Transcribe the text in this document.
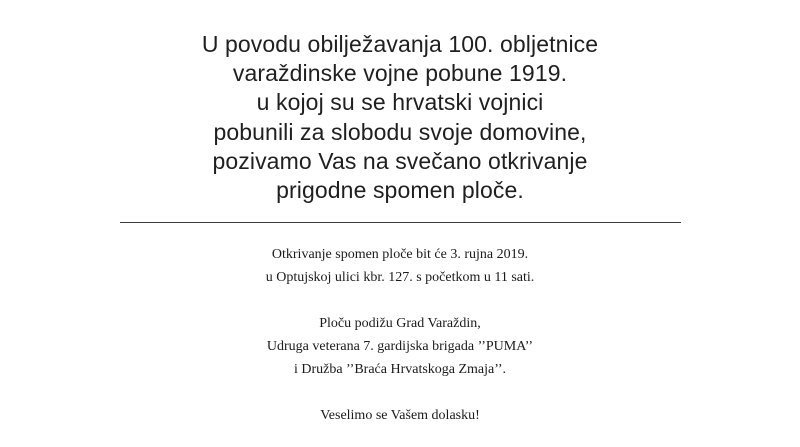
U povodu obilježavanja 100. obljetnice
varaždinske vojne pobune 1919.
u kojoj su se hrvatski vojnici
pobunili za slobodu svoje domovine,
pozivamo Vas na svečano otkrivanje
prigodne spomen ploče.
Otkrivanje spomen ploče bit će 3. rujna 2019.
u Optujskoj ulici kbr. 127. s početkom u 11 sati.
Ploču podižu Grad Varaždin,
Udruga veterana 7. gardijska brigada ’’PUMA’’
i Družba ’’Braća Hrvatskoga Zmaja’’.
Veselimo se Vašem dolasku!
